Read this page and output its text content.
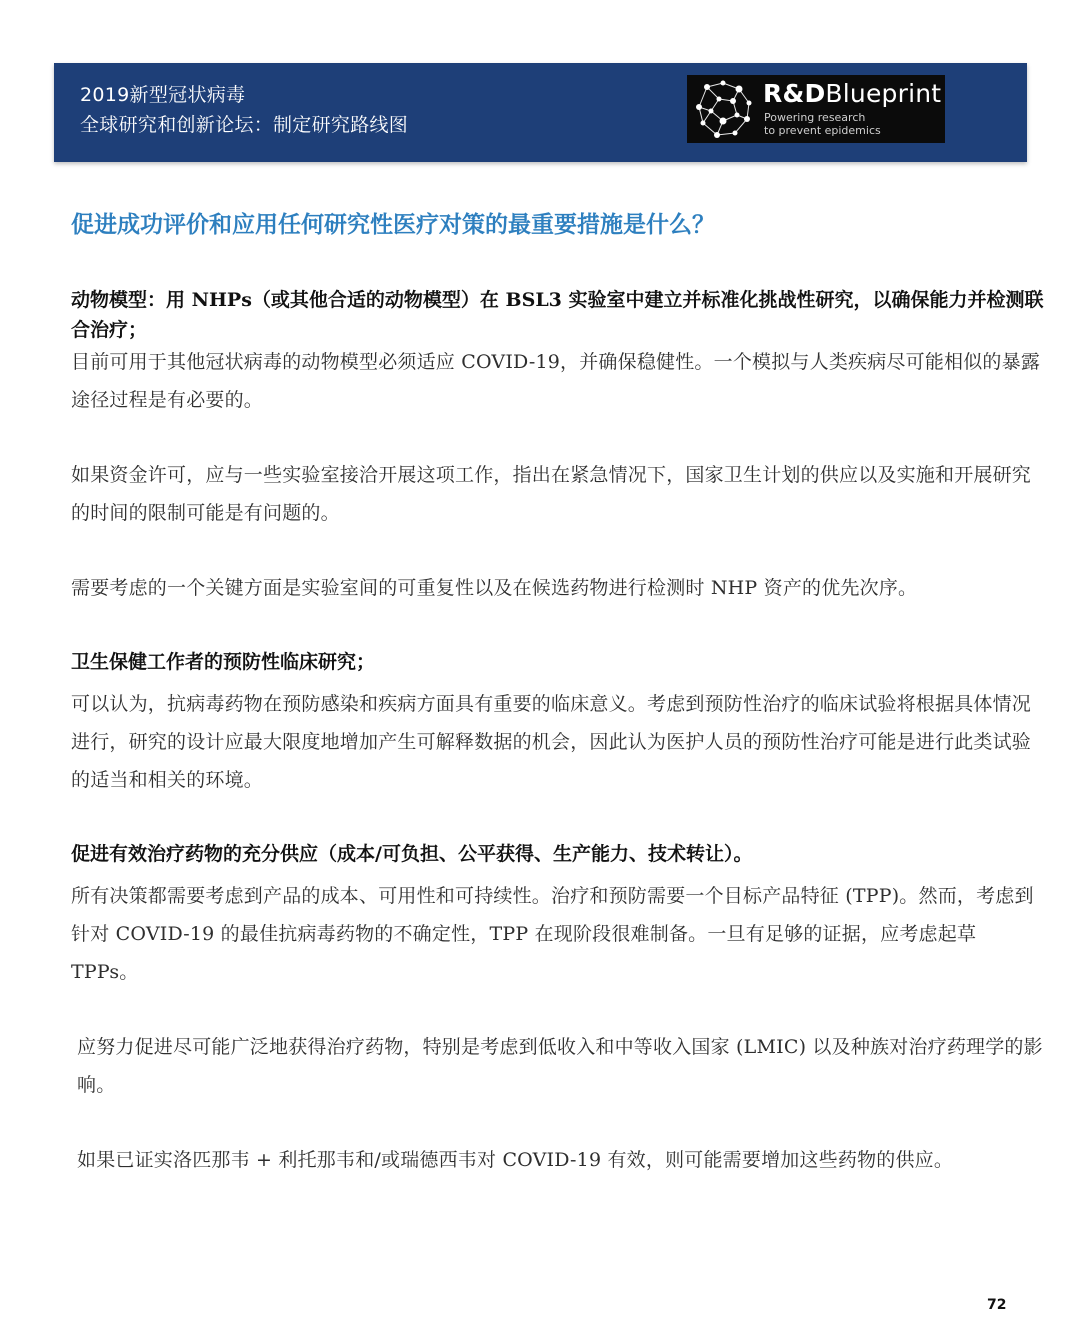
2019新型冠状病毒
全球研究和创新论坛：制定研究路线图
R&DBlueprint
Powering research
to prevent epidemics
促进成功评价和应用任何研究性医疗对策的最重要措施是什么？

动物模型：用 NHPs（或其他合适的动物模型）在 BSL3 实验室中建立并标准化挑战性研究，以确保能力并检测联合治疗；

目前可用于其他冠状病毒的动物模型必须适应 COVID-19，并确保稳健性。一个模拟与人类疾病尽可能相似的暴露途径过程是有必要的。

如果资金许可，应与一些实验室接洽开展这项工作，指出在紧急情况下，国家卫生计划的供应以及实施和开展研究的时间的限制可能是有问题的。

需要考虑的一个关键方面是实验室间的可重复性以及在候选药物进行检测时 NHP 资产的优先次序。

卫生保健工作者的预防性临床研究；

可以认为，抗病毒药物在预防感染和疾病方面具有重要的临床意义。考虑到预防性治疗的临床试验将根据具体情况进行，研究的设计应最大限度地增加产生可解释数据的机会，因此认为医护人员的预防性治疗可能是进行此类试验的适当和相关的环境。

促进有效治疗药物的充分供应（成本/可负担、公平获得、生产能力、技术转让）。

所有决策都需要考虑到产品的成本、可用性和可持续性。治疗和预防需要一个目标产品特征 (TPP)。然而，考虑到针对 COVID-19 的最佳抗病毒药物的不确定性，TPP 在现阶段很难制备。一旦有足够的证据，应考虑起草 TPPs。

应努力促进尽可能广泛地获得治疗药物，特别是考虑到低收入和中等收入国家 (LMIC) 以及种族对治疗药理学的影响。

如果已证实洛匹那韦 + 利托那韦和/或瑞德西韦对 COVID-19 有效，则可能需要增加这些药物的供应。

72
